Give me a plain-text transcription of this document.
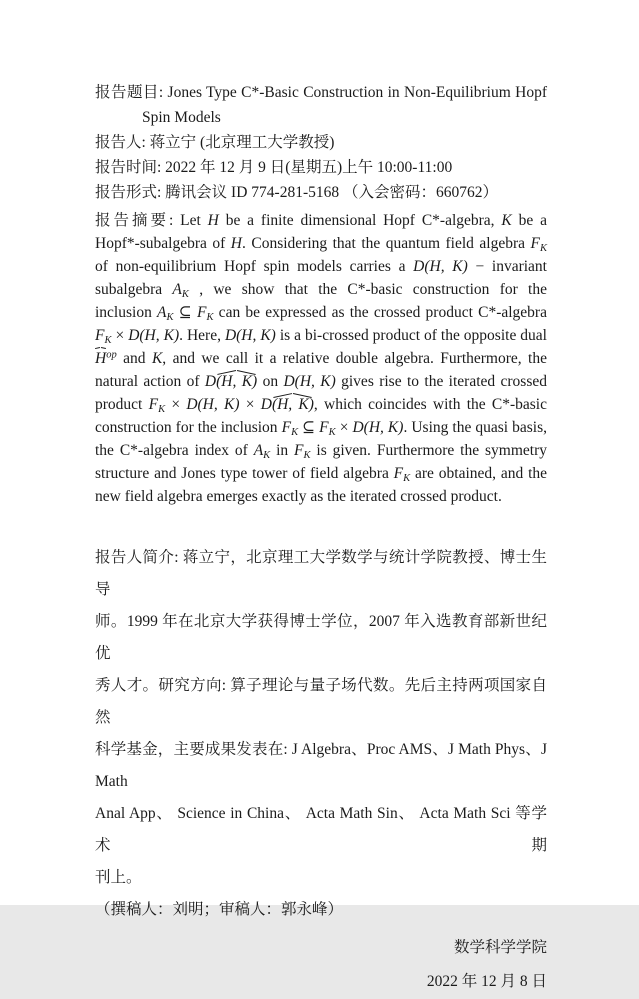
报告题目: Jones Type C*-Basic Construction in Non-Equilibrium Hopf
Spin Models
报告人: 蒋立宁 (北京理工大学教授)
报告时间: 2022 年 12 月 9 日(星期五)上午 10:00-11:00
报告形式: 腾讯会议 ID 774-281-5168 （入会密码：660762）
报告摘要: Let H be a finite dimensional Hopf C*-algebra, K be a
Hopf*-subalgebra of H. Considering that the quantum field algebra $F_K$
of non-equilibrium Hopf spin models carries a D(H, K) − invariant
subalgebra $A_K$ , we show that the C*-basic construction for the
inclusion $A_K$ ⊆ $F_K$ can be expressed as the crossed product C*-algebra
$F_K \times D(H$, K). Here, D(H, K) is a bi-crossed product of the opposite dual
$H^{op}$ and K, and we call it a relative double algebra. Furthermore, the
natural action of D(H, K) on D(H, K) gives rise to the iterated crossed
product $F_K \times D(H$, K) × D(H, K), which coincides with the C*-basic
construction for the inclusion $F_K$ ⊆ $F_K \times D(H$, K). Using the quasi basis,
the C*-algebra index of $A_K$ in $F_K$ is given. Furthermore the symmetry
structure and Jones type tower of field algebra $F_K$ are obtained, and the
new field algebra emerges exactly as the iterated crossed product.
报告人简介: 蒋立宁，北京理工大学数学与统计学院教授、博士生导
师。1999 年在北京大学获得博士学位，2007 年入选教育部新世纪优
秀人才。研究方向: 算子理论与量子场代数。先后主持两项国家自然
科学基金，主要成果发表在: J Algebra、Proc AMS、J Math Phys、J Math
Anal App、 Science in China、 Acta Math Sin、 Acta Math Sci 等学术期
刊上。
（撰稿人：刘明；审稿人：郭永峰）
数学科学学院
2022 年 12 月 8 日
